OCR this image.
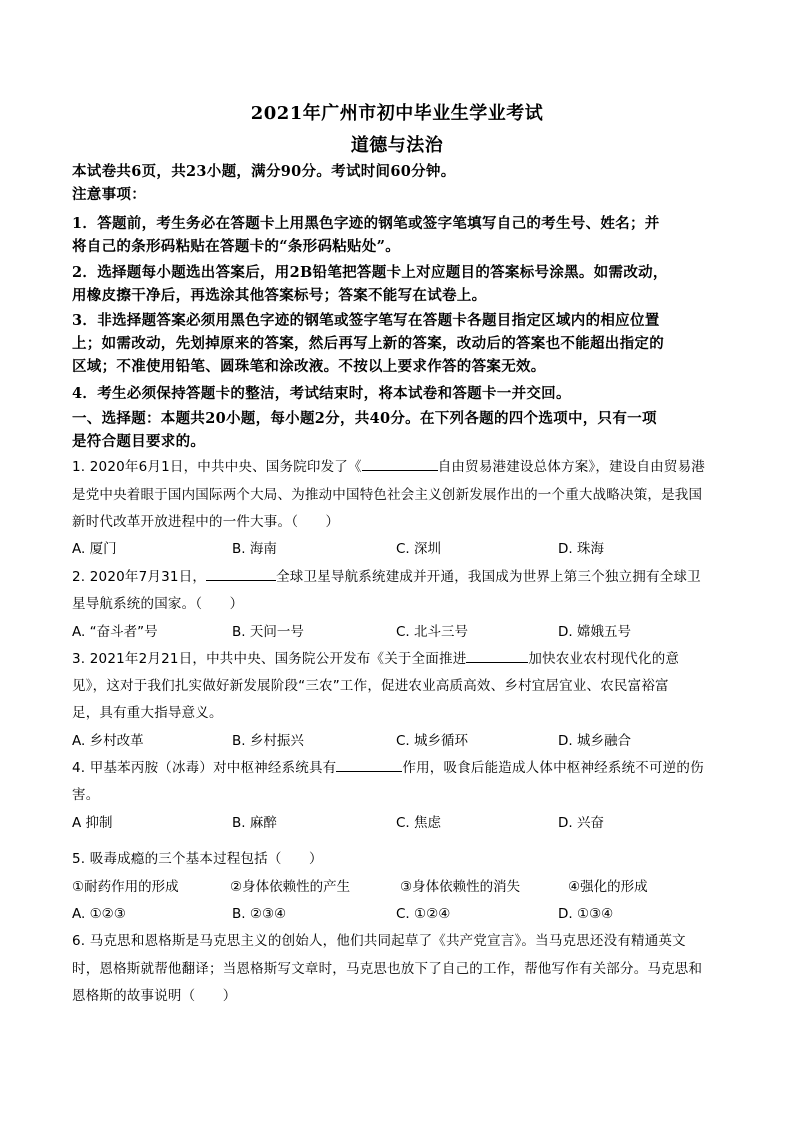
2021年广州市初中毕业生学业考试
道德与法治
本试卷共6页，共23小题，满分90分。考试时间60分钟。
注意事项：
1．答题前，考生务必在答题卡上用黑色字迹的钢笔或签字笔填写自己的考生号、姓名；并
将自己的条形码粘贴在答题卡的“条形码粘贴处”。
2．选择题每小题选出答案后，用2B铅笔把答题卡上对应题目的答案标号涂黑。如需改动，
用橡皮擦干净后，再选涂其他答案标号；答案不能写在试卷上。
3．非选择题答案必须用黑色字迹的钢笔或签字笔写在答题卡各题目指定区域内的相应位置
上；如需改动，先划掉原来的答案，然后再写上新的答案，改动后的答案也不能超出指定的
区域；不准使用铅笔、圆珠笔和涂改液。不按以上要求作答的答案无效。
4．考生必须保持答题卡的整洁，考试结束时，将本试卷和答题卡一并交回。
一、选择题：本题共20小题，每小题2分，共40分。在下列各题的四个选项中，只有一项
是符合题目要求的。
1. 2020年6月1日，中共中央、国务院印发了《	自由贸易港建设总体方案》，建设自由贸易港
是党中央着眼于国内国际两个大局、为推动中国特色社会主义创新发展作出的一个重大战略决策，是我国
新时代改革开放进程中的一件大事。（　　）
A. 厦门	B. 海南	C. 深圳	D. 珠海
2. 2020年7月31日，	全球卫星导航系统建成并开通，我国成为世界上第三个独立拥有全球卫
星导航系统的国家。（　　）
A. “奋斗者”号	B. 天问一号	C. 北斗三号	D. 嫦娥五号
3. 2021年2月21日，中共中央、国务院公开发布《关于全面推进	加快农业农村现代化的意
见》，这对于我们扎实做好新发展阶段“三农”工作，促进农业高质高效、乡村宜居宜业、农民富裕富
足，具有重大指导意义。
A. 乡村改革	B. 乡村振兴	C. 城乡循环	D. 城乡融合
4. 甲基苯丙胺（冰毒）对中枢神经系统具有	作用，吸食后能造成人体中枢神经系统不可逆的伤
害。
A 抑制	B. 麻醉	C. 焦虑	D. 兴奋
5. 吸毒成瘾的三个基本过程包括（　　）
①耐药作用的形成	②身体依赖性的产生	③身体依赖性的消失	④强化的形成
A. ①②③	B. ②③④	C. ①②④	D. ①③④
6. 马克思和恩格斯是马克思主义的创始人，他们共同起草了《共产党宣言》。当马克思还没有精通英文
时，恩格斯就帮他翻译；当恩格斯写文章时，马克思也放下了自己的工作，帮他写作有关部分。马克思和
恩格斯的故事说明（　　）
